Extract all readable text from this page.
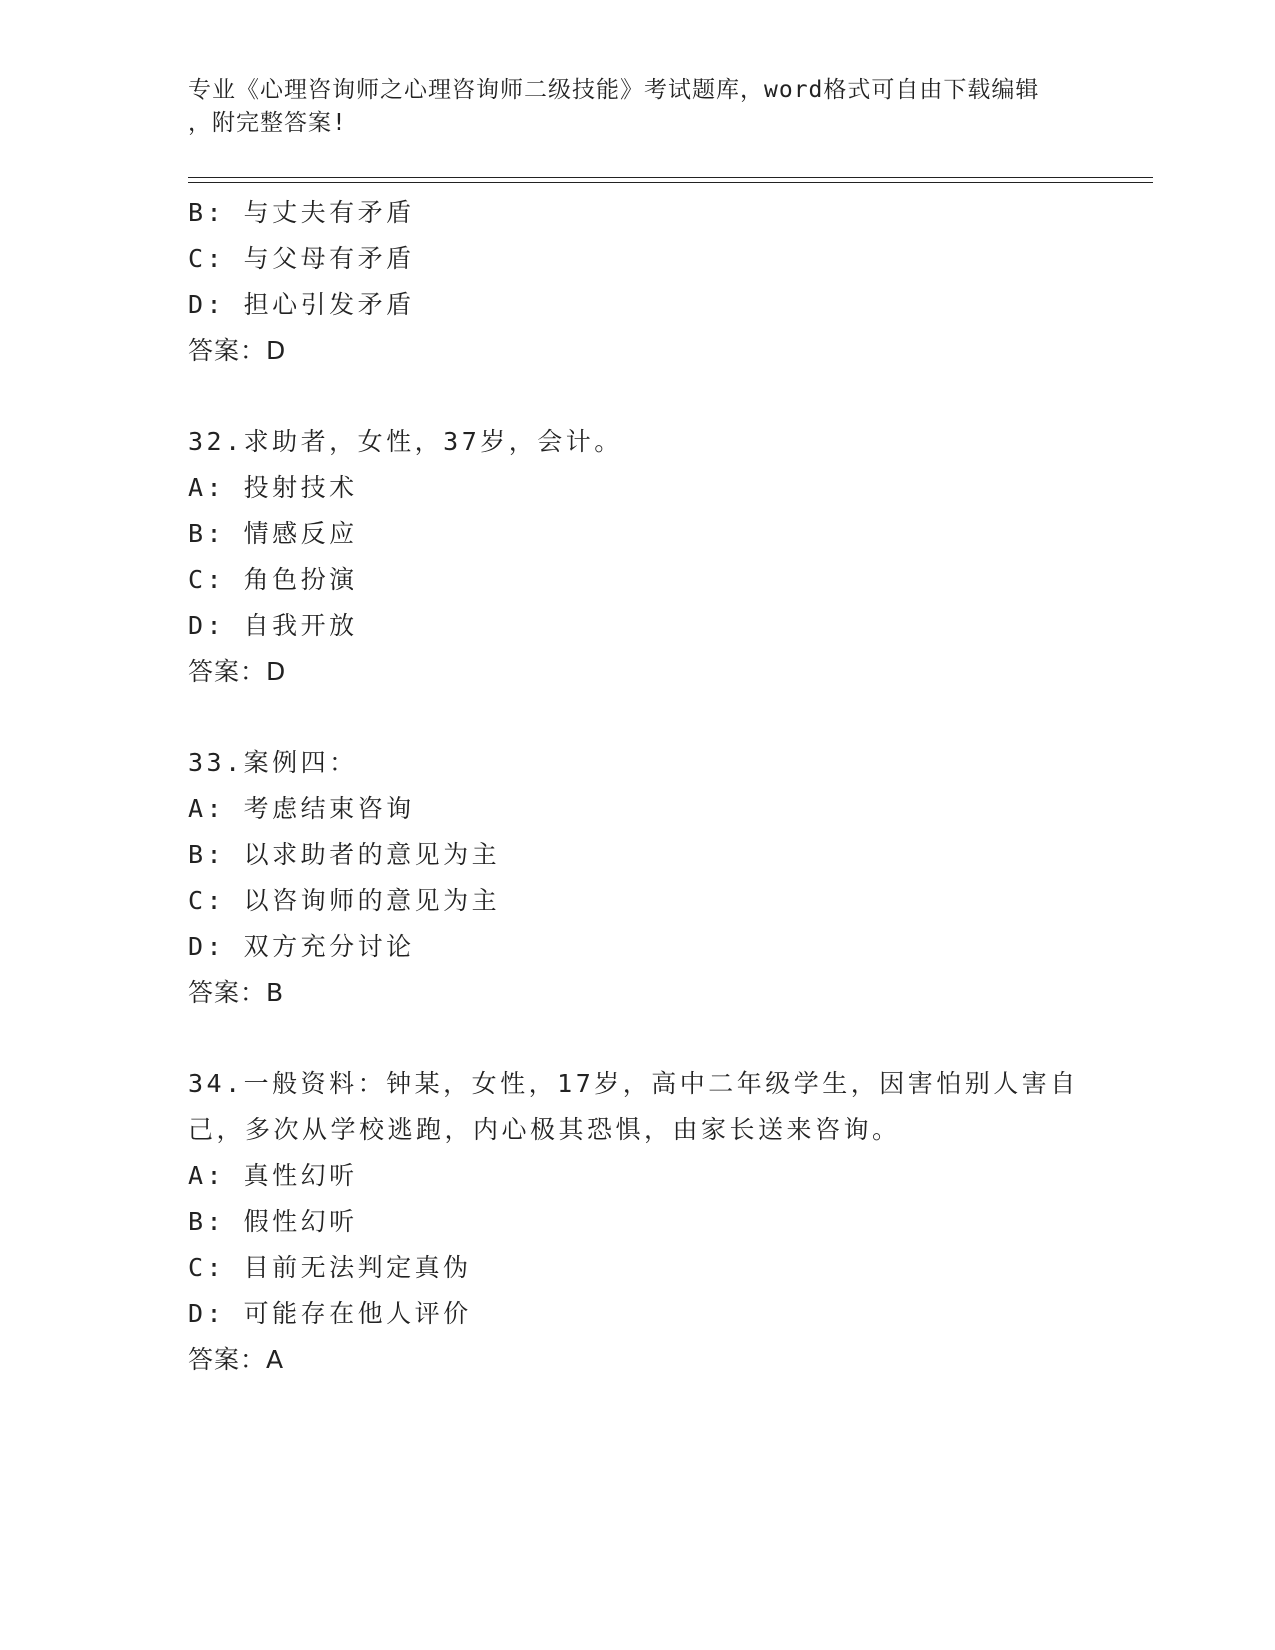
专业《心理咨询师之心理咨询师二级技能》考试题库，word格式可自由下载编辑
，附完整答案!
B: 与丈夫有矛盾
C: 与父母有矛盾
D: 担心引发矛盾
答案：D
32.求助者，女性，37岁，会计。
A: 投射技术
B: 情感反应
C: 角色扮演
D: 自我开放
答案：D
33.案例四：
A: 考虑结束咨询
B: 以求助者的意见为主
C: 以咨询师的意见为主
D: 双方充分讨论
答案：B
34.一般资料：钟某，女性，17岁，高中二年级学生，因害怕别人害自
己，多次从学校逃跑，内心极其恐惧，由家长送来咨询。
A: 真性幻听
B: 假性幻听
C: 目前无法判定真伪
D: 可能存在他人评价
答案：A
